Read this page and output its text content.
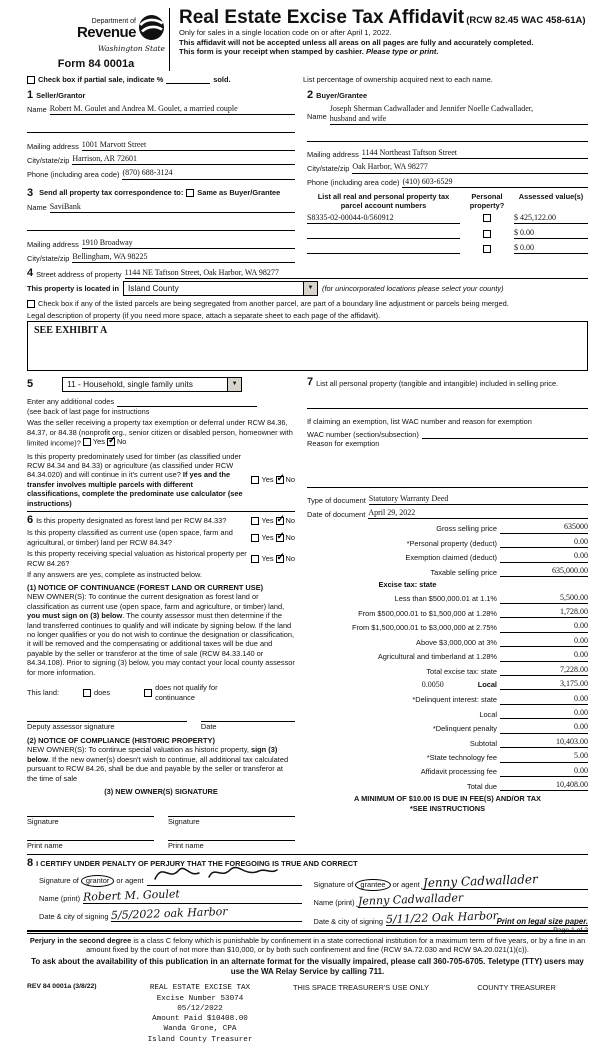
Department of
Revenue
Washington State
Form 84 0001a
Real Estate Excise Tax Affidavit (RCW 82.45 WAC 458-61A)
Only for sales in a single location code on or after April 1, 2022.
This affidavit will not be accepted unless all areas on all pages are fully and accurately completed.
This form is your receipt when stamped by cashier. Please type or print.
Check box if partial sale, indicate %	sold.	List percentage of ownership acquired next to each name.
1 Seller/Grantor
Name Robert M. Goulet and Andrea M. Goulet, a married couple
Mailing address 1001 Marvott Street
City/state/zip Harrison, AR 72601
Phone (including area code) (870) 688-3124
3 Send all property tax correspondence to: Same as Buyer/Grantee
Name SaviBank
Mailing address 1910 Broadway
City/state/zip Bellingham, WA 98225
2 Buyer/Grantee
Name
Joseph Sherman Cadwallader and Jennifer Noelle Cadwallader,
husband and wife
Mailing address 1144 Northeast Taftson Street
City/state/zip Oak Harbor, WA 98277
Phone (including area code) (410) 603-6529
List all real and personal property tax parcel account numbers
Personal property?
Assessed value(s)
S8335-02-00044-0/560912	$ 425,122.00
$ 0.00
$ 0.00
4 Street address of property 1144 NE Taftson Street, Oak Harbor, WA 98277
This property is located in	Island County	▼	(for unincorporated locations please select your county)
Check box if any of the listed parcels are being segregated from another parcel, are part of a boundary line adjustment or parcels being merged.
Legal description of property (if you need more space, attach a separate sheet to each page of the affidavit).
SEE EXHIBIT A
5	11 - Household, single family units	▼
Enter any additional codes
(see back of last page for instructions

Was the seller receiving a property tax exemption or deferral under RCW 84.36, 84.37, or 84.38 (nonprofit org., senior citizen or disabled person, homeowner with limited income)? Yes ✓ No

Is this property predominately used for timber (as classified under RCW 84.34 and 84.33) or agriculture (as classified under RCW 84.34.020) and will continue in it's current use? If yes and the transfer involves multiple parcels with different classifications, complete the predominate use calculator (see instructions)

Yes ✓ No
6 Is this property designated as forest land per RCW 84.33?	Yes ✓ No
Is this property classified as current use (open space, farm and agricultural, or timber) land per RCW 84.34?
Yes ✓ No
Is this property receiving special valuation as historical property per RCW 84.26?
Yes ✓ No

If any answers are yes, complete as instructed below.

(1) NOTICE OF CONTINUANCE (FOREST LAND OR CURRENT USE)

NEW OWNER(S): To continue the current designation as forest land or classification as current use (open space, farm and agriculture, or timber) land, you must sign on (3) below. The county assessor must then determine if the land transferred continues to qualify and will indicate by signing below. If the land no longer qualifies or you do not wish to continue the designation or classification, it will be removed and the compensating or additional taxes will be due and payable by the seller or transferor at the time of sale (RCW 84.33.140 or 84.34.108). Prior to signing (3) below, you may contact your local county assessor for more information.

This land:	does
does not qualify for continuance
Deputy assessor signature	Date

(2) NOTICE OF COMPLIANCE (HISTORIC PROPERTY)

NEW OWNER(S): To continue special valuation as historic property, sign (3) below. If the new owner(s) doesn't wish to continue, all additional tax calculated pursuant to RCW 84.26, shall be due and payable by the seller or transferor at the time of sale

(3) NEW OWNER(S) SIGNATURE
Signature	Signature
Print name	Print name
7 List all personal property (tangible and intangible) included in selling price.
If claiming an exemption, list WAC number and reason for exemption
WAC number (section/subsection)
Reason for exemption
Type of document Statutory Warranty Deed
Date of document April 29, 2022
Gross selling price	635000
*Personal property (deduct)	0.00
Exemption claimed (deduct)	0.00
Taxable selling price	635,000.00
Excise tax: state
Less than $500,000.01 at 1.1%	5,500.00
From $500,000.01 to $1,500,000 at 1.28%	1,728.00
From $1,500,000.01 to $3,000,000 at 2.75%	0.00
Above $3,000,000 at 3%	0.00
Agricultural and timberland at 1.28%	0.00
Total excise tax: state	7,228.00
0.0050	Local	3,175.00
*Delinquent interest: state	0.00
Local	0.00
*Delinquent penalty	0.00
Subtotal	10,403.00
*State technology fee	5.00
Affidavit processing fee	0.00
Total due	10,408.00
A MINIMUM OF $10.00 IS DUE IN FEE(S) AND/OR TAX
*SEE INSTRUCTIONS
8 I CERTIFY UNDER PENALTY OF PERJURY THAT THE FOREGOING IS TRUE AND CORRECT
Signature of grantor or agent
Name (print) Robert M. Goulet
Date & city of signing 5/5/2022 oak Harbor
Signature of grantee or agent Jenny Cadwallader
Name (print) Jenny Cadwallader
Date & city of signing 5/11/22 Oak Harbor

Perjury in the second degree is a class C felony which is punishable by confinement in a state correctional institution for a maximum term of five years, or by a fine in an amount fixed by the court of not more than $10,000, or by both such confinement and fine (RCW 9A.72.030 and RCW 9A.20.021(1)(c)).

To ask about the availability of this publication in an alternate format for the visually impaired, please call 360-705-6705. Teletype (TTY) users may use the WA Relay Service by calling 711.

REV 84 0001a (3/8/22)	REAL ESTATE EXCISE TAX
Excise Number 53074
05/12/2022
Amount Paid $10408.00
Wanda Grone, CPA
Island County Treasurer
THIS SPACE TREASURER'S USE ONLY	COUNTY TREASURER
Print on legal size paper.
Page 1 of 2
